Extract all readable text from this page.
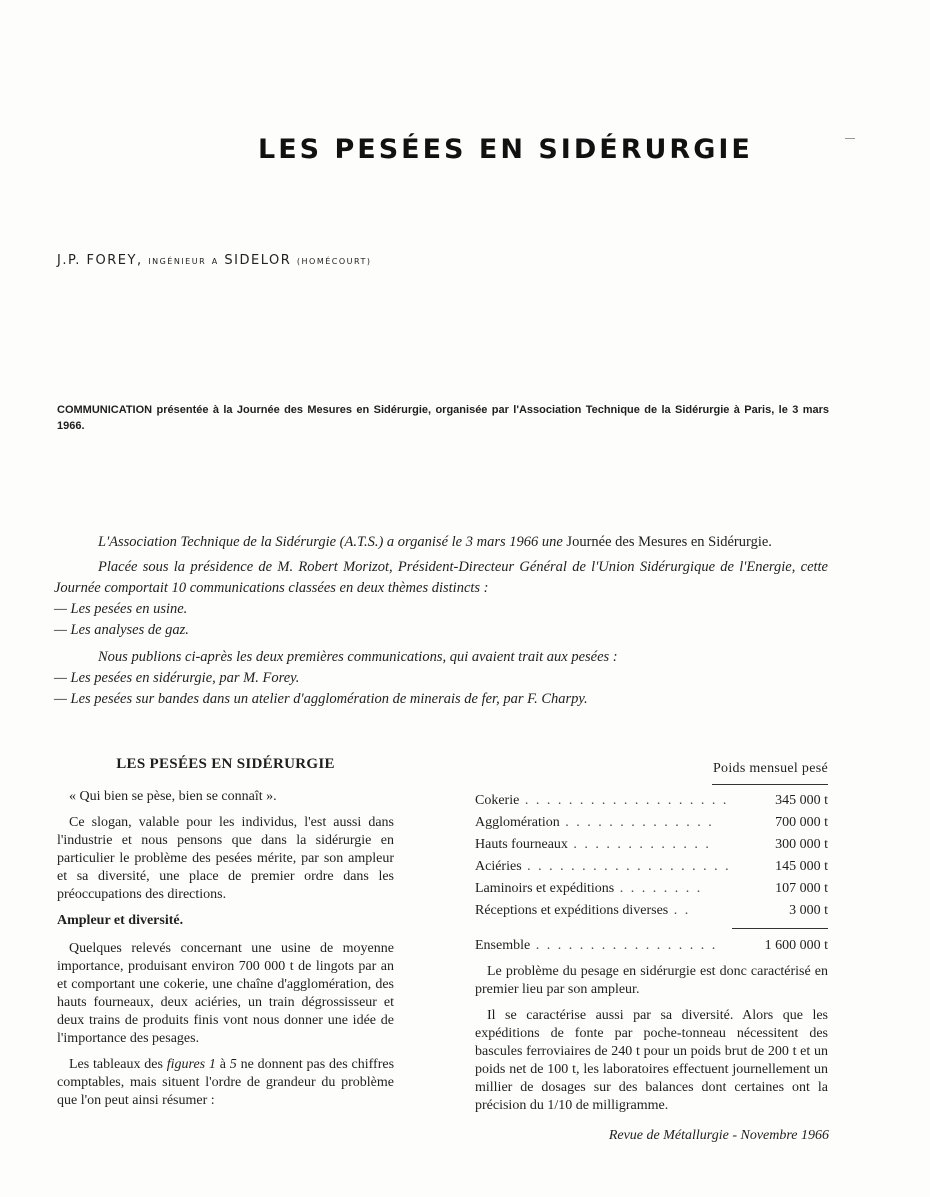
LES PESÉES EN SIDÉRURGIE
J.P. FOREY, INGÉNIEUR A SIDELOR (HOMÉCOURT)

COMMUNICATION présentée à la Journée des Mesures en Sidérurgie, organisée par l'Association Technique de la Sidérurgie à Paris, le 3 mars 1966.

L'Association Technique de la Sidérurgie (A.T.S.) a organisé le 3 mars 1966 une Journée des Mesures en Sidérurgie.

Placée sous la présidence de M. Robert Morizot, Président-Directeur Général de l'Union Sidérurgique de l'Energie, cette Journée comportait 10 communications classées en deux thèmes distincts :

— Les pesées en usine.

— Les analyses de gaz.

Nous publions ci-après les deux premières communications, qui avaient trait aux pesées :

— Les pesées en sidérurgie, par M. Forey.

— Les pesées sur bandes dans un atelier d'agglomération de minerais de fer, par F. Charpy.

LES PESÉES EN SIDÉRURGIE

« Qui bien se pèse, bien se connaît ».

Ce slogan, valable pour les individus, l'est aussi dans l'industrie et nous pensons que dans la sidérurgie en particulier le problème des pesées mérite, par son ampleur et sa diversité, une place de premier ordre dans les préoccupations des directions.

Ampleur et diversité.

Quelques relevés concernant une usine de moyenne importance, produisant environ 700 000 t de lingots par an et comportant une cokerie, une chaîne d'agglomération, des hauts fourneaux, deux aciéries, un train dégrossisseur et deux trains de produits finis vont nous donner une idée de l'importance des pesages.

Les tableaux des figures 1 à 5 ne donnent pas des chiffres comptables, mais situent l'ordre de grandeur du problème que l'on peut ainsi résumer :

Poids mensuel pesé
Cokerie . . . . . . . . . . . . . . . . . . .	345 000 t
Agglomération . . . . . . . . . . . . . .	700 000 t
Hauts fourneaux . . . . . . . . . . . . .	300 000 t
Aciéries . . . . . . . . . . . . . . . . . . .	145 000 t
Laminoirs et expéditions . . . . . . . .	107 000 t
Réceptions et expéditions diverses . .	3 000 t
Ensemble . . . . . . . . . . . . . . . . .	1 600 000 t

Le problème du pesage en sidérurgie est donc caractérisé en premier lieu par son ampleur.

Il se caractérise aussi par sa diversité. Alors que les expéditions de fonte par poche-tonneau nécessitent des bascules ferroviaires de 240 t pour un poids brut de 200 t et un poids net de 100 t, les laboratoires effectuent journellement un millier de dosages sur des balances dont certaines ont la précision du 1/10 de milligramme.

Revue de Métallurgie - Novembre 1966
